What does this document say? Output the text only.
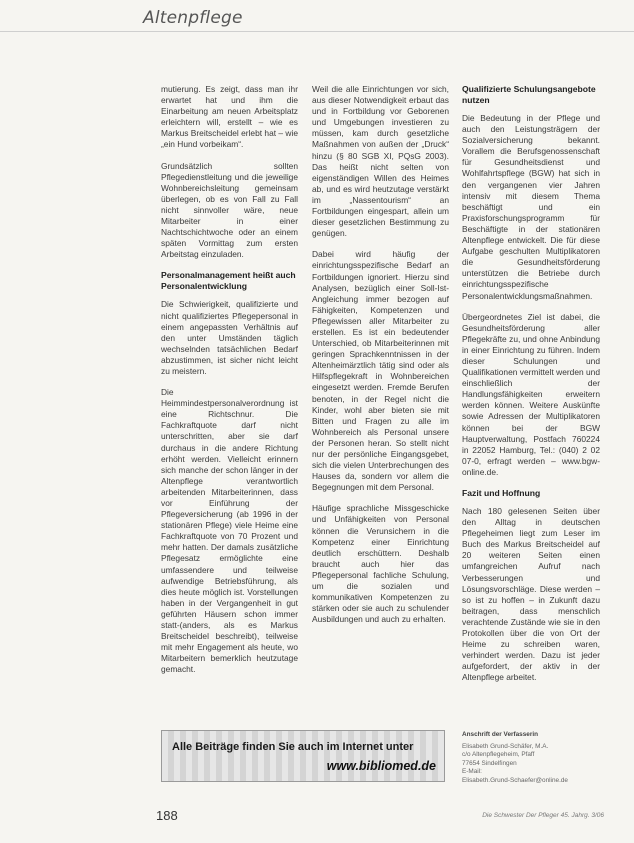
Altenpflege

mutierung. Es zeigt, dass man ihr erwartet hat und ihm die Einarbeitung am neuen Arbeitsplatz erleichtern will, erstellt – wie es Markus Breitscheidel erlebt hat – wie „ein Hund vorbeikam“.

Grundsätzlich sollten Pflegedienstleitung und die jeweilige Wohnbereichsleitung gemeinsam überlegen, ob es von Fall zu Fall nicht sinnvoller wäre, neue Mitarbeiter in einer Nachtschichtwoche oder an einem späten Vormittag zum ersten Arbeitstag einzuladen.

Personalmanagement heißt auch Personalentwicklung

Die Schwierigkeit, qualifizierte und nicht qualifiziertes Pflegepersonal in einem angepassten Verhältnis auf den unter Umständen täglich wechselnden tatsächlichen Bedarf abzustimmen, ist sicher nicht leicht zu meistern.

Die Heimmindestpersonalverordnung ist eine Richtschnur. Die Fachkraftquote darf nicht unterschritten, aber sie darf durchaus in die andere Richtung erhöht werden. Vielleicht erinnern sich manche der schon länger in der Altenpflege verantwortlich arbeitenden Mitarbeiterinnen, dass vor Einführung der Pflegeversicherung (ab 1996 in der stationären Pflege) viele Heime eine Fachkraftquote von 70 Prozent und mehr hatten. Der damals zusätzliche Pflegesatz ermöglichte eine umfassendere und teilweise aufwendige Betriebsführung, als dies heute möglich ist. Vorstellungen haben in der Vergangenheit in gut geführten Häusern schon immer statt-(anders, als es Markus Breitscheidel beschreibt), teilweise mit mehr Engagement als heute, wo Mitarbeitern bemerklich heutzutage gemacht.

Weil die alle Einrichtungen vor sich, aus dieser Notwendigkeit erbaut das und in Fortbildung vor Geborenen und Umgebungen investieren zu müssen, kam durch gesetzliche Maßnahmen von außen der „Druck“ hinzu (§ 80 SGB XI, PQsG 2003). Das heißt nicht selten von eigenständigen Willen des Heimes ab, und es wird heutzutage verstärkt im „Nassentourism“ an Fortbildungen eingespart, allein um dieser gesetzlichen Bestimmung zu genügen.

Dabei wird häufig der einrichtungsspezifische Bedarf an Fortbildungen ignoriert. Hierzu sind Analysen, bezüglich einer Soll-Ist-Angleichung immer bezogen auf Fähigkeiten, Kompetenzen und Pflegewissen aller Mitarbeiter zu erstellen. Es ist ein bedeutender Unterschied, ob Mitarbeiterinnen mit geringen Sprachkenntnissen in der Altenheimärztlich tätig sind oder als Hilfspflegekraft in Wohnbereichen eingesetzt werden. Fremde Berufen benoten, in der Regel nicht die Kinder, wohl aber bieten sie mit Bitten und Fragen zu alle im Wohnbereich als Personal unsere der Personen heran. So stellt nicht nur der persönliche Eingangsgebet, sich die vielen Unterbrechungen des Hauses da, sondern vor allem die Begegnungen mit dem Personal.

Häufige sprachliche Missgeschicke und Unfähigkeiten von Personal können die Verunsichern in die Kompetenz einer Einrichtung deutlich erschüttern. Deshalb braucht auch hier das Pflegepersonal fachliche Schulung, um die sozialen und kommunikativen Kompetenzen zu stärken oder sie auch zu schulender Ausbildungen und auch zu erhalten.

Qualifizierte Schulungsangebote nutzen

Die Bedeutung in der Pflege und auch den Leistungsträgern der Sozialversicherung bekannt. Vorallem die Berufsgenossenschaft für Gesundheitsdienst und Wohlfahrtspflege (BGW) hat sich in den vergangenen vier Jahren intensiv mit diesem Thema beschäftigt und ein Praxisforschungsprogramm für Beschäftigte in der stationären Altenpflege entwickelt. Die für diese Aufgabe geschulten Multiplikatoren die Gesundheitsförderung unterstützen die Betriebe durch einrichtungsspezifische Personalentwicklungsmaßnahmen.

Übergeordnetes Ziel ist dabei, die Gesundheitsförderung aller Pflegekräfte zu, und ohne Anbindung in einer Einrichtung zu führen. Indem dieser Schulungen und Qualifikationen vermittelt werden und einschließlich der Handlungsfähigkeiten erweitern werden können. Weitere Auskünfte sowie Adressen der Multiplikatoren können bei der BGW Hauptverwaltung, Postfach 760224 in 22052 Hamburg, Tel.: (040) 2 02 07-0, erfragt werden – www.bgw-online.de.

Fazit und Hoffnung

Nach 180 gelesenen Seiten über den Alltag in deutschen Pflegeheimen liegt zum Leser im Buch des Markus Breitscheidel auf 20 weiteren Seiten einen umfangreichen Aufruf nach Verbesserungen und Lösungsvorschläge. Diese werden – so ist zu hoffen – in Zukunft dazu beitragen, dass menschlich verachtende Zustände wie sie in den Protokollen über die von Ort der Heime zu schreiben waren, verhindert werden. Dazu ist jeder aufgefordert, der aktiv in der Altenpflege arbeitet.

Alle Beiträge finden Sie auch im Internet unter
www.bibliomed.de
Anschrift der Verfasserin
Elisabeth Grund-Schäfer, M.A.
c/o Altenpflegeheim, Pfaff
77654 Sindelfingen
E-Mail:
Elisabeth.Grund-Schaefer@online.de
188	Die Schwester Der Pfleger 45. Jahrg. 3/06
